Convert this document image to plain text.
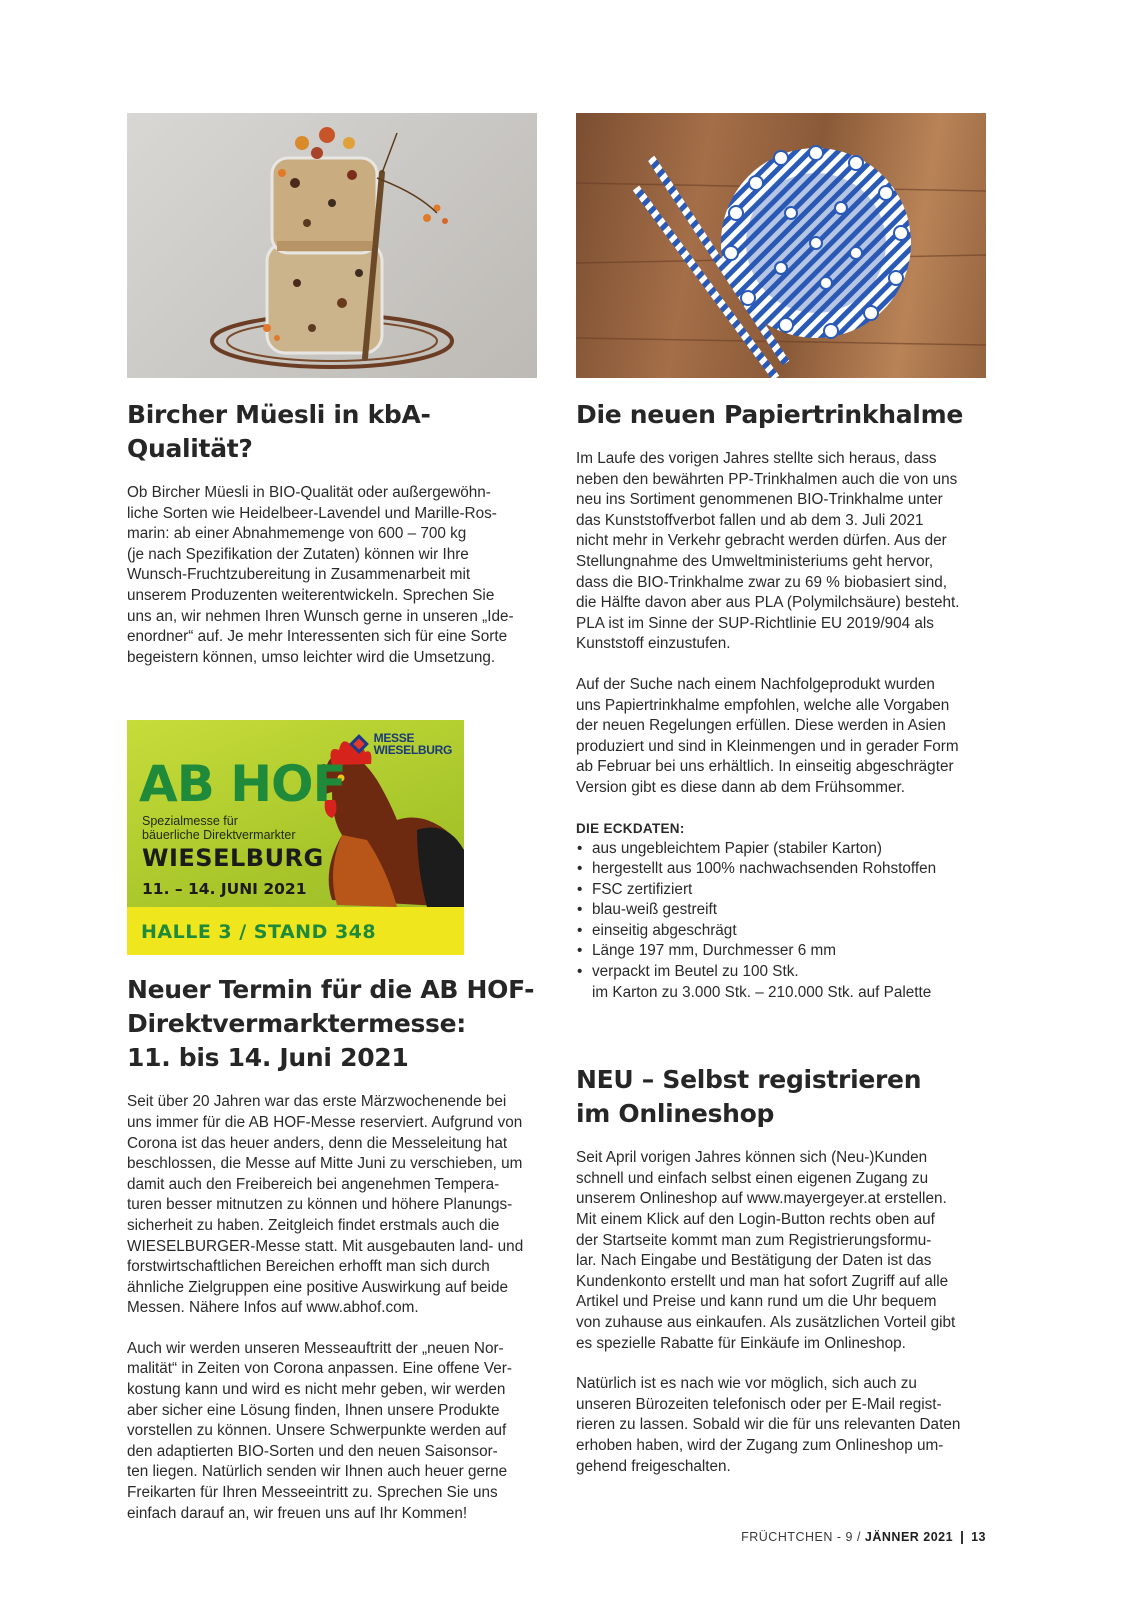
Bircher Müesli in kbA-Qualität?

Ob Bircher Müesli in BIO-Qualität oder außergewöhn-
liche Sorten wie Heidelbeer-Lavendel und Marille-Ros-
marin: ab einer Abnahmemenge von 600 – 700 kg
(je nach Spezifikation der Zutaten) können wir Ihre
Wunsch-Fruchtzubereitung in Zusammenarbeit mit
unserem Produzenten weiterentwickeln. Sprechen Sie
uns an, wir nehmen Ihren Wunsch gerne in unseren „Ide-
enordner“ auf. Je mehr Interessenten sich für eine Sorte
begeistern können, umso leichter wird die Umsetzung.

MESSE
WIESELBURG
AB HOF
Spezialmesse für
bäuerliche Direktvermarkter
WIESELBURG
11. – 14. JUNI 2021
HALLE 3 / STAND 348
Neuer Termin für die AB HOF-
Direktvermarktermesse:
11. bis 14. Juni 2021

Seit über 20 Jahren war das erste Märzwochenende bei
uns immer für die AB HOF-Messe reserviert. Aufgrund von
Corona ist das heuer anders, denn die Messeleitung hat
beschlossen, die Messe auf Mitte Juni zu verschieben, um
damit auch den Freibereich bei angenehmen Tempera-
turen besser mitnutzen zu können und höhere Planungs-
sicherheit zu haben. Zeitgleich findet erstmals auch die
WIESELBURGER-Messe statt. Mit ausgebauten land- und
forstwirtschaftlichen Bereichen erhofft man sich durch
ähnliche Zielgruppen eine positive Auswirkung auf beide
Messen. Nähere Infos auf www.abhof.com.

Auch wir werden unseren Messeauftritt der „neuen Nor-
malität“ in Zeiten von Corona anpassen. Eine offene Ver-
kostung kann und wird es nicht mehr geben, wir werden
aber sicher eine Lösung finden, Ihnen unsere Produkte
vorstellen zu können. Unsere Schwerpunkte werden auf
den adaptierten BIO-Sorten und den neuen Saisonsor-
ten liegen. Natürlich senden wir Ihnen auch heuer gerne
Freikarten für Ihren Messeeintritt zu. Sprechen Sie uns
einfach darauf an, wir freuen uns auf Ihr Kommen!

Die neuen Papiertrinkhalme

Im Laufe des vorigen Jahres stellte sich heraus, dass
neben den bewährten PP-Trinkhalmen auch die von uns
neu ins Sortiment genommenen BIO-Trinkhalme unter
das Kunststoffverbot fallen und ab dem 3. Juli 2021
nicht mehr in Verkehr gebracht werden dürfen. Aus der
Stellungnahme des Umweltministeriums geht hervor,
dass die BIO-Trinkhalme zwar zu 69 % biobasiert sind,
die Hälfte davon aber aus PLA (Polymilchsäure) besteht.
PLA ist im Sinne der SUP-Richtlinie EU 2019/904 als
Kunststoff einzustufen.

Auf der Suche nach einem Nachfolgeprodukt wurden
uns Papiertrinkhalme empfohlen, welche alle Vorgaben
der neuen Regelungen erfüllen. Diese werden in Asien
produziert und sind in Kleinmengen und in gerader Form
ab Februar bei uns erhältlich. In einseitig abgeschrägter
Version gibt es diese dann ab dem Frühsommer.

DIE ECKDATEN:
• aus ungebleichtem Papier (stabiler Karton)
• hergestellt aus 100% nachwachsenden Rohstoffen
• FSC zertifiziert
• blau-weiß gestreift
• einseitig abgeschrägt
• Länge 197 mm, Durchmesser 6 mm
• verpackt im Beutel zu 100 Stk.
im Karton zu 3.000 Stk. – 210.000 Stk. auf Palette
NEU – Selbst registrieren
im Onlineshop

Seit April vorigen Jahres können sich (Neu-)Kunden
schnell und einfach selbst einen eigenen Zugang zu
unserem Onlineshop auf www.mayergeyer.at erstellen.
Mit einem Klick auf den Login-Button rechts oben auf
der Startseite kommt man zum Registrierungsformu-
lar. Nach Eingabe und Bestätigung der Daten ist das
Kundenkonto erstellt und man hat sofort Zugriff auf alle
Artikel und Preise und kann rund um die Uhr bequem
von zuhause aus einkaufen. Als zusätzlichen Vorteil gibt
es spezielle Rabatte für Einkäufe im Onlineshop.

Natürlich ist es nach wie vor möglich, sich auch zu
unseren Bürozeiten telefonisch oder per E-Mail regist-
rieren zu lassen. Sobald wir die für uns relevanten Daten
erhoben haben, wird der Zugang zum Onlineshop um-
gehend freigeschalten.

FRÜCHTCHEN - 9 /
JÄNNER 2021 13
